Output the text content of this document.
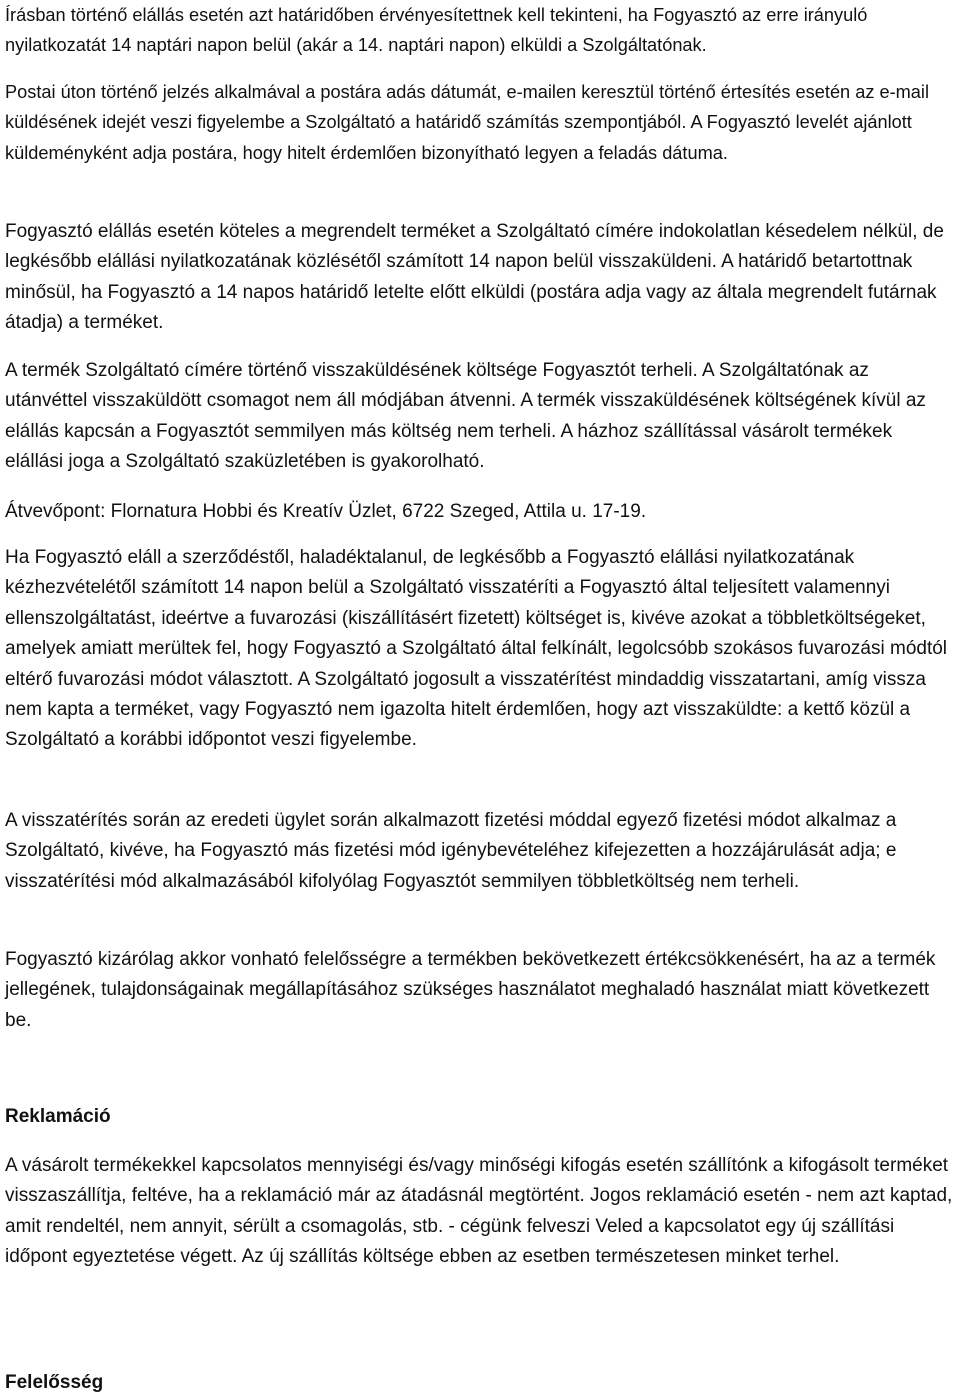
Írásban történő elállás esetén azt határidőben érvényesítettnek kell tekinteni, ha Fogyasztó az erre irányuló nyilatkozatát 14 naptári napon belül (akár a 14. naptári napon) elküldi a Szolgáltatónak.

Postai úton történő jelzés alkalmával a postára adás dátumát, e-mailen keresztül történő értesítés esetén az e-mail küldésének idejét veszi figyelembe a Szolgáltató a határidő számítás szempontjából. A Fogyasztó levelét ajánlott küldeményként adja postára, hogy hitelt érdemlően bizonyítható legyen a feladás dátuma.

Fogyasztó elállás esetén köteles a megrendelt terméket a Szolgáltató címére indokolatlan késedelem nélkül, de legkésőbb elállási nyilatkozatának közlésétől számított 14 napon belül visszaküldeni. A határidő betartottnak minősül, ha Fogyasztó a 14 napos határidő letelte előtt elküldi (postára adja vagy az általa megrendelt futárnak átadja) a terméket.

A termék Szolgáltató címére történő visszaküldésének költsége Fogyasztót terheli. A Szolgáltatónak az utánvéttel visszaküldött csomagot nem áll módjában átvenni. A termék visszaküldésének költségének kívül az elállás kapcsán a Fogyasztót semmilyen más költség nem terheli. A házhoz szállítással vásárolt termékek elállási joga a Szolgáltató szaküzletében is gyakorolható.

Átvevőpont: Flornatura Hobbi és Kreatív Üzlet, 6722 Szeged, Attila u. 17-19.

Ha Fogyasztó eláll a szerződéstől, haladéktalanul, de legkésőbb a Fogyasztó elállási nyilatkozatának kézhezvételétől számított 14 napon belül a Szolgáltató visszatéríti a Fogyasztó által teljesített valamennyi ellenszolgáltatást, ideértve a fuvarozási (kiszállításért fizetett) költséget is, kivéve azokat a többletköltségeket, amelyek amiatt merültek fel, hogy Fogyasztó a Szolgáltató által felkínált, legolcsóbb szokásos fuvarozási módtól eltérő fuvarozási módot választott. A Szolgáltató jogosult a visszatérítést mindaddig visszatartani, amíg vissza nem kapta a terméket, vagy Fogyasztó nem igazolta hitelt érdemlően, hogy azt visszaküldte: a kettő közül a Szolgáltató a korábbi időpontot veszi figyelembe.

A visszatérítés során az eredeti ügylet során alkalmazott fizetési móddal egyező fizetési módot alkalmaz a Szolgáltató, kivéve, ha Fogyasztó más fizetési mód igénybevételéhez kifejezetten a hozzájárulását adja; e visszatérítési mód alkalmazásából kifolyólag Fogyasztót semmilyen többletköltség nem terheli.

Fogyasztó kizárólag akkor vonható felelősségre a termékben bekövetkezett értékcsökkenésért, ha az a termék jellegének, tulajdonságainak megállapításához szükséges használatot meghaladó használat miatt következett be.

Reklamáció

A vásárolt termékekkel kapcsolatos mennyiségi és/vagy minőségi kifogás esetén szállítónk a kifogásolt terméket visszaszállítja, feltéve, ha a reklamáció már az átadásnál megtörtént. Jogos reklamáció esetén - nem azt kaptad, amit rendeltél, nem annyit, sérült a csomagolás, stb. - cégünk felveszi Veled a kapcsolatot egy új szállítási időpont egyeztetése végett. Az új szállítás költsége ebben az esetben természetesen minket terhel.

Felelősség
